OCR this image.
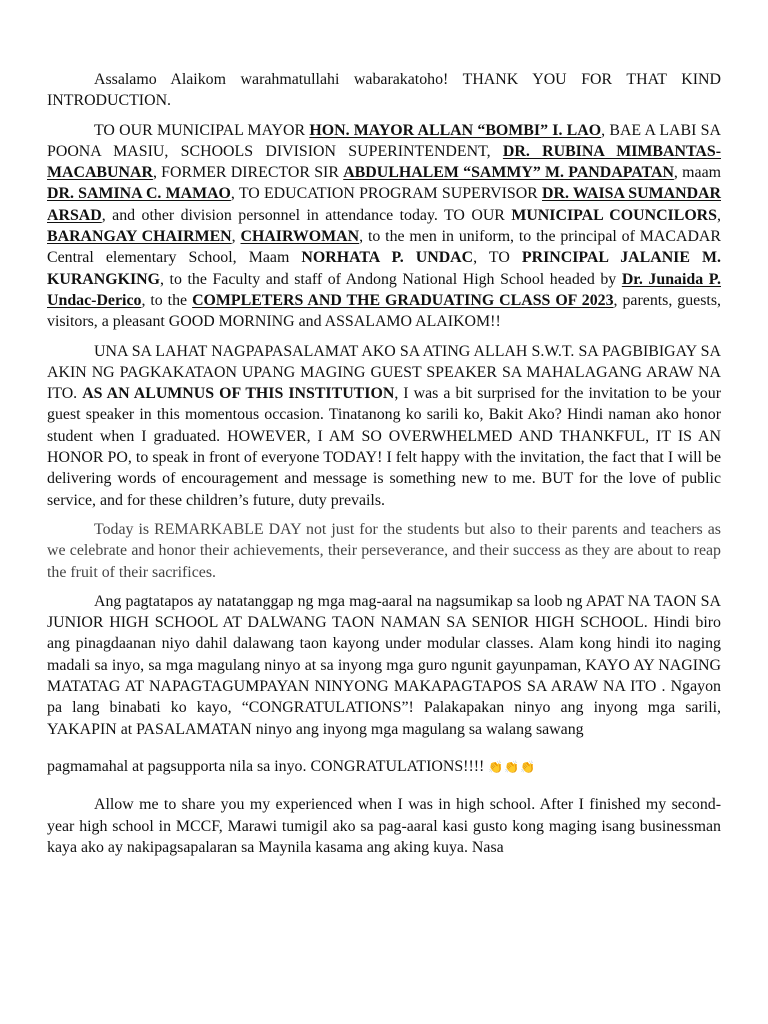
Assalamo Alaikom warahmatullahi wabarakatoho! THANK YOU FOR THAT KIND INTRODUCTION.

TO OUR MUNICIPAL MAYOR HON. MAYOR ALLAN “BOMBI” I. LAO, BAE A LABI SA POONA MASIU, SCHOOLS DIVISION SUPERINTENDENT, DR. RUBINA MIMBANTAS-MACABUNAR, FORMER DIRECTOR SIR ABDULHALEM “SAMMY” M. PANDAPATAN, maam DR. SAMINA C. MAMAO, TO EDUCATION PROGRAM SUPERVISOR DR. WAISA SUMANDAR ARSAD, and other division personnel in attendance today. TO OUR MUNICIPAL COUNCILORS, BARANGAY CHAIRMEN, CHAIRWOMAN, to the men in uniform, to the principal of MACADAR Central elementary School, Maam NORHATA P. UNDAC, TO PRINCIPAL JALANIE M. KURANGKING, to the Faculty and staff of Andong National High School headed by Dr. Junaida P. Undac-Derico, to the COMPLETERS AND THE GRADUATING CLASS OF 2023, parents, guests, visitors, a pleasant GOOD MORNING and ASSALAMO ALAIKOM!!

UNA SA LAHAT NAGPAPASALAMAT AKO SA ATING ALLAH S.W.T. SA PAGBIBIGAY SA AKIN NG PAGKAKATAON UPANG MAGING GUEST SPEAKER SA MAHALAGANG ARAW NA ITO. AS AN ALUMNUS OF THIS INSTITUTION, I was a bit surprised for the invitation to be your guest speaker in this momentous occasion. Tinatanong ko sarili ko, Bakit Ako? Hindi naman ako honor student when I graduated. HOWEVER, I AM SO OVERWHELMED AND THANKFUL, IT IS AN HONOR PO, to speak in front of everyone TODAY! I felt happy with the invitation, the fact that I will be delivering words of encouragement and message is something new to me. BUT for the love of public service, and for these children’s future, duty prevails.

Today is REMARKABLE DAY not just for the students but also to their parents and teachers as we celebrate and honor their achievements, their perseverance, and their success as they are about to reap the fruit of their sacrifices.

Ang pagtatapos ay natatanggap ng mga mag-aaral na nagsumikap sa loob ng APAT NA TAON SA JUNIOR HIGH SCHOOL AT DALWANG TAON NAMAN SA SENIOR HIGH SCHOOL. Hindi biro ang pinagdaanan niyo dahil dalawang taon kayong under modular classes. Alam kong hindi ito naging madali sa inyo, sa mga magulang ninyo at sa inyong mga guro ngunit gayunpaman, KAYO AY NAGING MATATAG AT NAPAGTAGUMPAYAN NINYONG MAKAPAGTAPOS SA ARAW NA ITO . Ngayon pa lang binabati ko kayo, “CONGRATULATIONS”! Palakapakan ninyo ang inyong mga sarili, YAKAPIN at PASALAMATAN ninyo ang inyong mga magulang sa walang sawang

pagmamahal at pagsupporta nila sa inyo. CONGRATULATIONS!!!! 👏👏👏

Allow me to share you my experienced when I was in high school. After I finished my second-year high school in MCCF, Marawi tumigil ako sa pag-aaral kasi gusto kong maging isang businessman kaya ako ay nakipagsapalaran sa Maynila kasama ang aking kuya. Nasa
